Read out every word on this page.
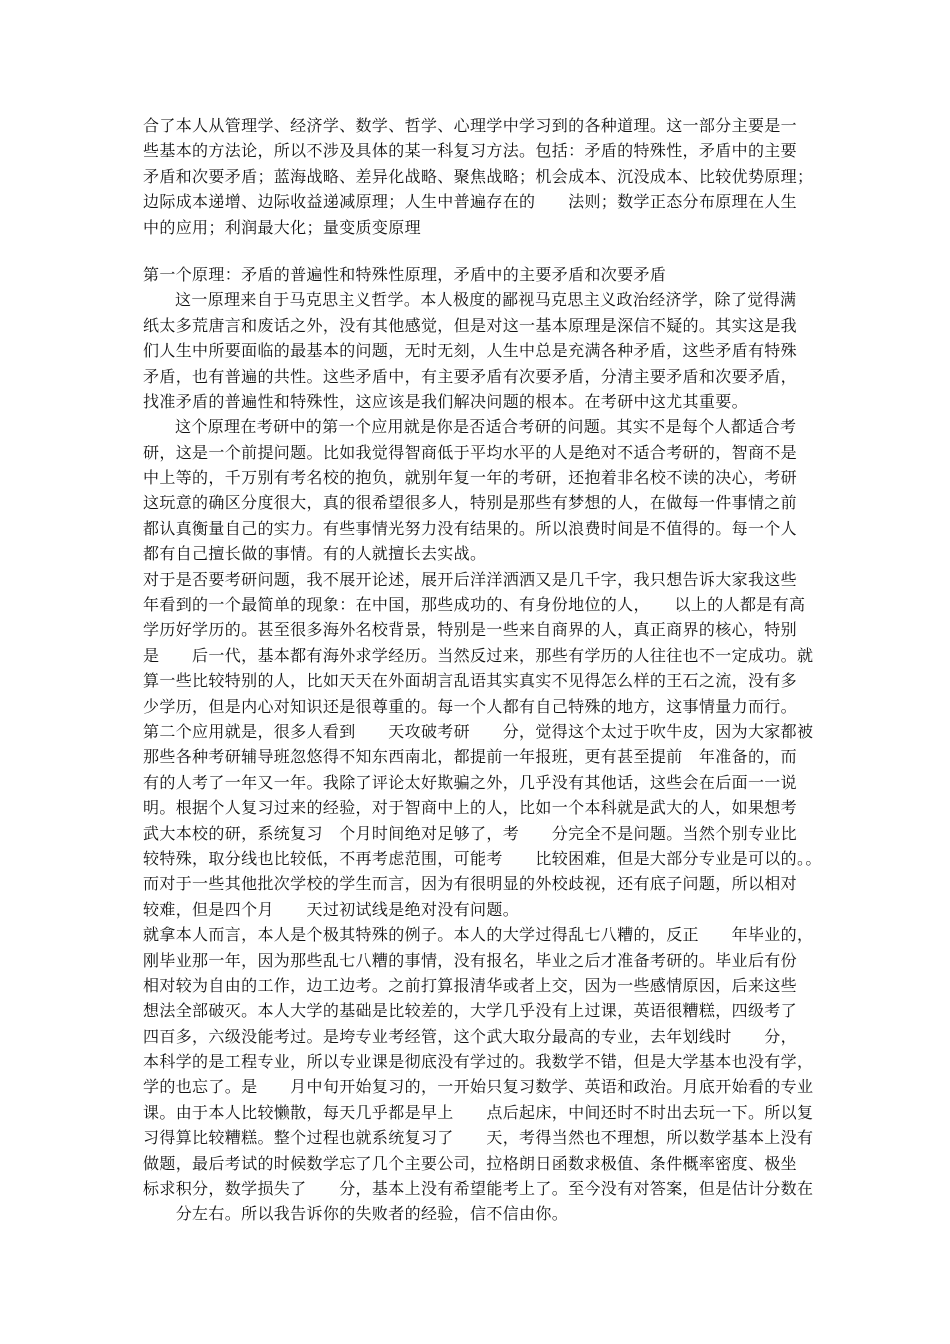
合了本人从管理学、经济学、数学、哲学、心理学中学习到的各种道理。这一部分主要是一
些基本的方法论，所以不涉及具体的某一科复习方法。包括：矛盾的特殊性，矛盾中的主要
矛盾和次要矛盾；蓝海战略、差异化战略、聚焦战略；机会成本、沉没成本、比较优势原理；
边际成本递增、边际收益递减原理；人生中普遍存在的　　法则；数学正态分布原理在人生
中的应用；利润最大化；量变质变原理
第一个原理：矛盾的普遍性和特殊性原理，矛盾中的主要矛盾和次要矛盾
这一原理来自于马克思主义哲学。本人极度的鄙视马克思主义政治经济学，除了觉得满
纸太多荒唐言和废话之外，没有其他感觉，但是对这一基本原理是深信不疑的。其实这是我
们人生中所要面临的最基本的问题，无时无刻，人生中总是充满各种矛盾，这些矛盾有特殊
矛盾，也有普遍的共性。这些矛盾中，有主要矛盾有次要矛盾，分清主要矛盾和次要矛盾，
找准矛盾的普遍性和特殊性，这应该是我们解决问题的根本。在考研中这尤其重要。
这个原理在考研中的第一个应用就是你是否适合考研的问题。其实不是每个人都适合考
研，这是一个前提问题。比如我觉得智商低于平均水平的人是绝对不适合考研的，智商不是
中上等的，千万别有考名校的抱负，就别年复一年的考研，还抱着非名校不读的决心，考研
这玩意的确区分度很大，真的很希望很多人，特别是那些有梦想的人，在做每一件事情之前
都认真衡量自己的实力。有些事情光努力没有结果的。所以浪费时间是不值得的。每一个人
都有自己擅长做的事情。有的人就擅长去实战。
对于是否要考研问题，我不展开论述，展开后洋洋洒洒又是几千字，我只想告诉大家我这些
年看到的一个最简单的现象：在中国，那些成功的、有身份地位的人，　　以上的人都是有高
学历好学历的。甚至很多海外名校背景，特别是一些来自商界的人，真正商界的核心，特别
是　　后一代，基本都有海外求学经历。当然反过来，那些有学历的人往往也不一定成功。就
算一些比较特别的人，比如天天在外面胡言乱语其实真实不见得怎么样的王石之流，没有多
少学历，但是内心对知识还是很尊重的。每一个人都有自己特殊的地方，这事情量力而行。
第二个应用就是，很多人看到　　天攻破考研　　分，觉得这个太过于吹牛皮，因为大家都被
那些各种考研辅导班忽悠得不知东西南北，都提前一年报班，更有甚至提前　年准备的，而
有的人考了一年又一年。我除了评论太好欺骗之外，几乎没有其他话，这些会在后面一一说
明。根据个人复习过来的经验，对于智商中上的人，比如一个本科就是武大的人，如果想考
武大本校的研，系统复习　个月时间绝对足够了，考　　分完全不是问题。当然个别专业比
较特殊，取分线也比较低，不再考虑范围，可能考　　比较困难，但是大部分专业是可以的。。
而对于一些其他批次学校的学生而言，因为有很明显的外校歧视，还有底子问题，所以相对
较难，但是四个月　　天过初试线是绝对没有问题。
就拿本人而言，本人是个极其特殊的例子。本人的大学过得乱七八糟的，反正　　年毕业的，
刚毕业那一年，因为那些乱七八糟的事情，没有报名，毕业之后才准备考研的。毕业后有份
相对较为自由的工作，边工边考。之前打算报清华或者上交，因为一些感情原因，后来这些
想法全部破灭。本人大学的基础是比较差的，大学几乎没有上过课，英语很糟糕，四级考了
四百多，六级没能考过。是垮专业考经管，这个武大取分最高的专业，去年划线时　　分，
本科学的是工程专业，所以专业课是彻底没有学过的。我数学不错，但是大学基本也没有学，
学的也忘了。是　　月中旬开始复习的，一开始只复习数学、英语和政治。月底开始看的专业
课。由于本人比较懒散，每天几乎都是早上　　点后起床，中间还时不时出去玩一下。所以复
习得算比较糟糕。整个过程也就系统复习了　　天，考得当然也不理想，所以数学基本上没有
做题，最后考试的时候数学忘了几个主要公司，拉格朗日函数求极值、条件概率密度、极坐
标求积分，数学损失了　　分，基本上没有希望能考上了。至今没有对答案，但是估计分数在
　　分左右。所以我告诉你的失败者的经验，信不信由你。
